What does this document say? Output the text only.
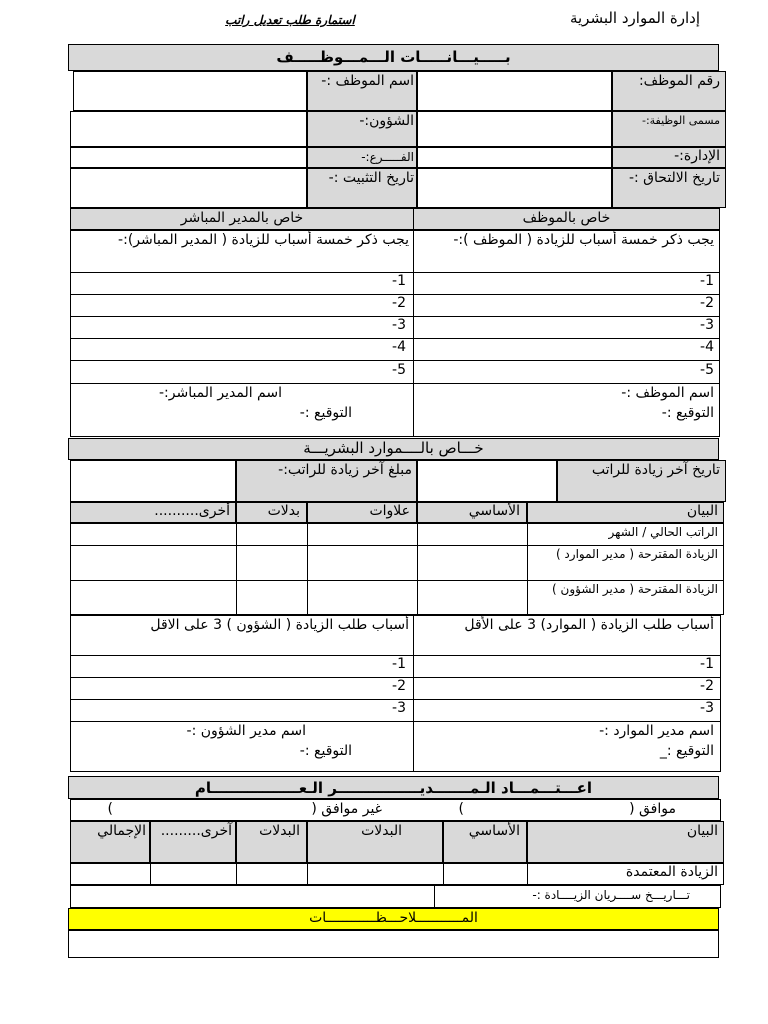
إدارة الموارد البشرية
استمارة طلب تعديل راتب
بـــــيـــانـــــات الـــمـــوظـــــف
رقم الموظف:
اسم الموظف :-
مسمى الوظيفة:-
الشؤون:-
الإدارة:-
الفـــــرع:-
تاريخ الالتحاق :-
تاريخ التثبيت :-
خاص بالموظف
خاص بالمدير المباشر
يجب ذكر خمسة أسباب للزيادة ( الموظف ):-
يجب ذكر خمسة أسباب للزيادة ( المدير المباشر):-
1-
2-
3-
4-
5-
1-
2-
3-
4-
5-
اسم الموظف :-
التوقيع :-
اسم المدير المباشر:-
التوقيع :-
خـــاص بالــــموارد البشريـــة
تاريخ آخر زيادة للراتب
مبلغ آخر زيادة للراتب:-
البيان
الأساسي
علاوات
بدلات
أخرى..........
الراتب الحالي / الشهر
الزيادة المقترحة ( مدير الموارد )
الزيادة المقترحة ( مدير الشؤون )
أسباب طلب الزيادة ( الموارد) 3 على الأقل
أسباب طلب الزيادة ( الشؤون ) 3 على الاقل
1-
2-
3-
1-
2-
3-
اسم مدير الموارد :-
التوقيع :_
اسم مدير الشؤون :-
التوقيع :-
اعـــتـــمـــاد الـمـــــــديــــــــــــــــر الـعـــــــــــــــــام
موافق (
)
غير موافق (
)
البيان
الأساسي
البدلات
البدلات
آخرى.........
الإجمالي
الزيادة المعتمدة
تـــاريـــخ ســــريان الزيــــادة :-
المـــــــــــلاحـــظــــــــــــات
